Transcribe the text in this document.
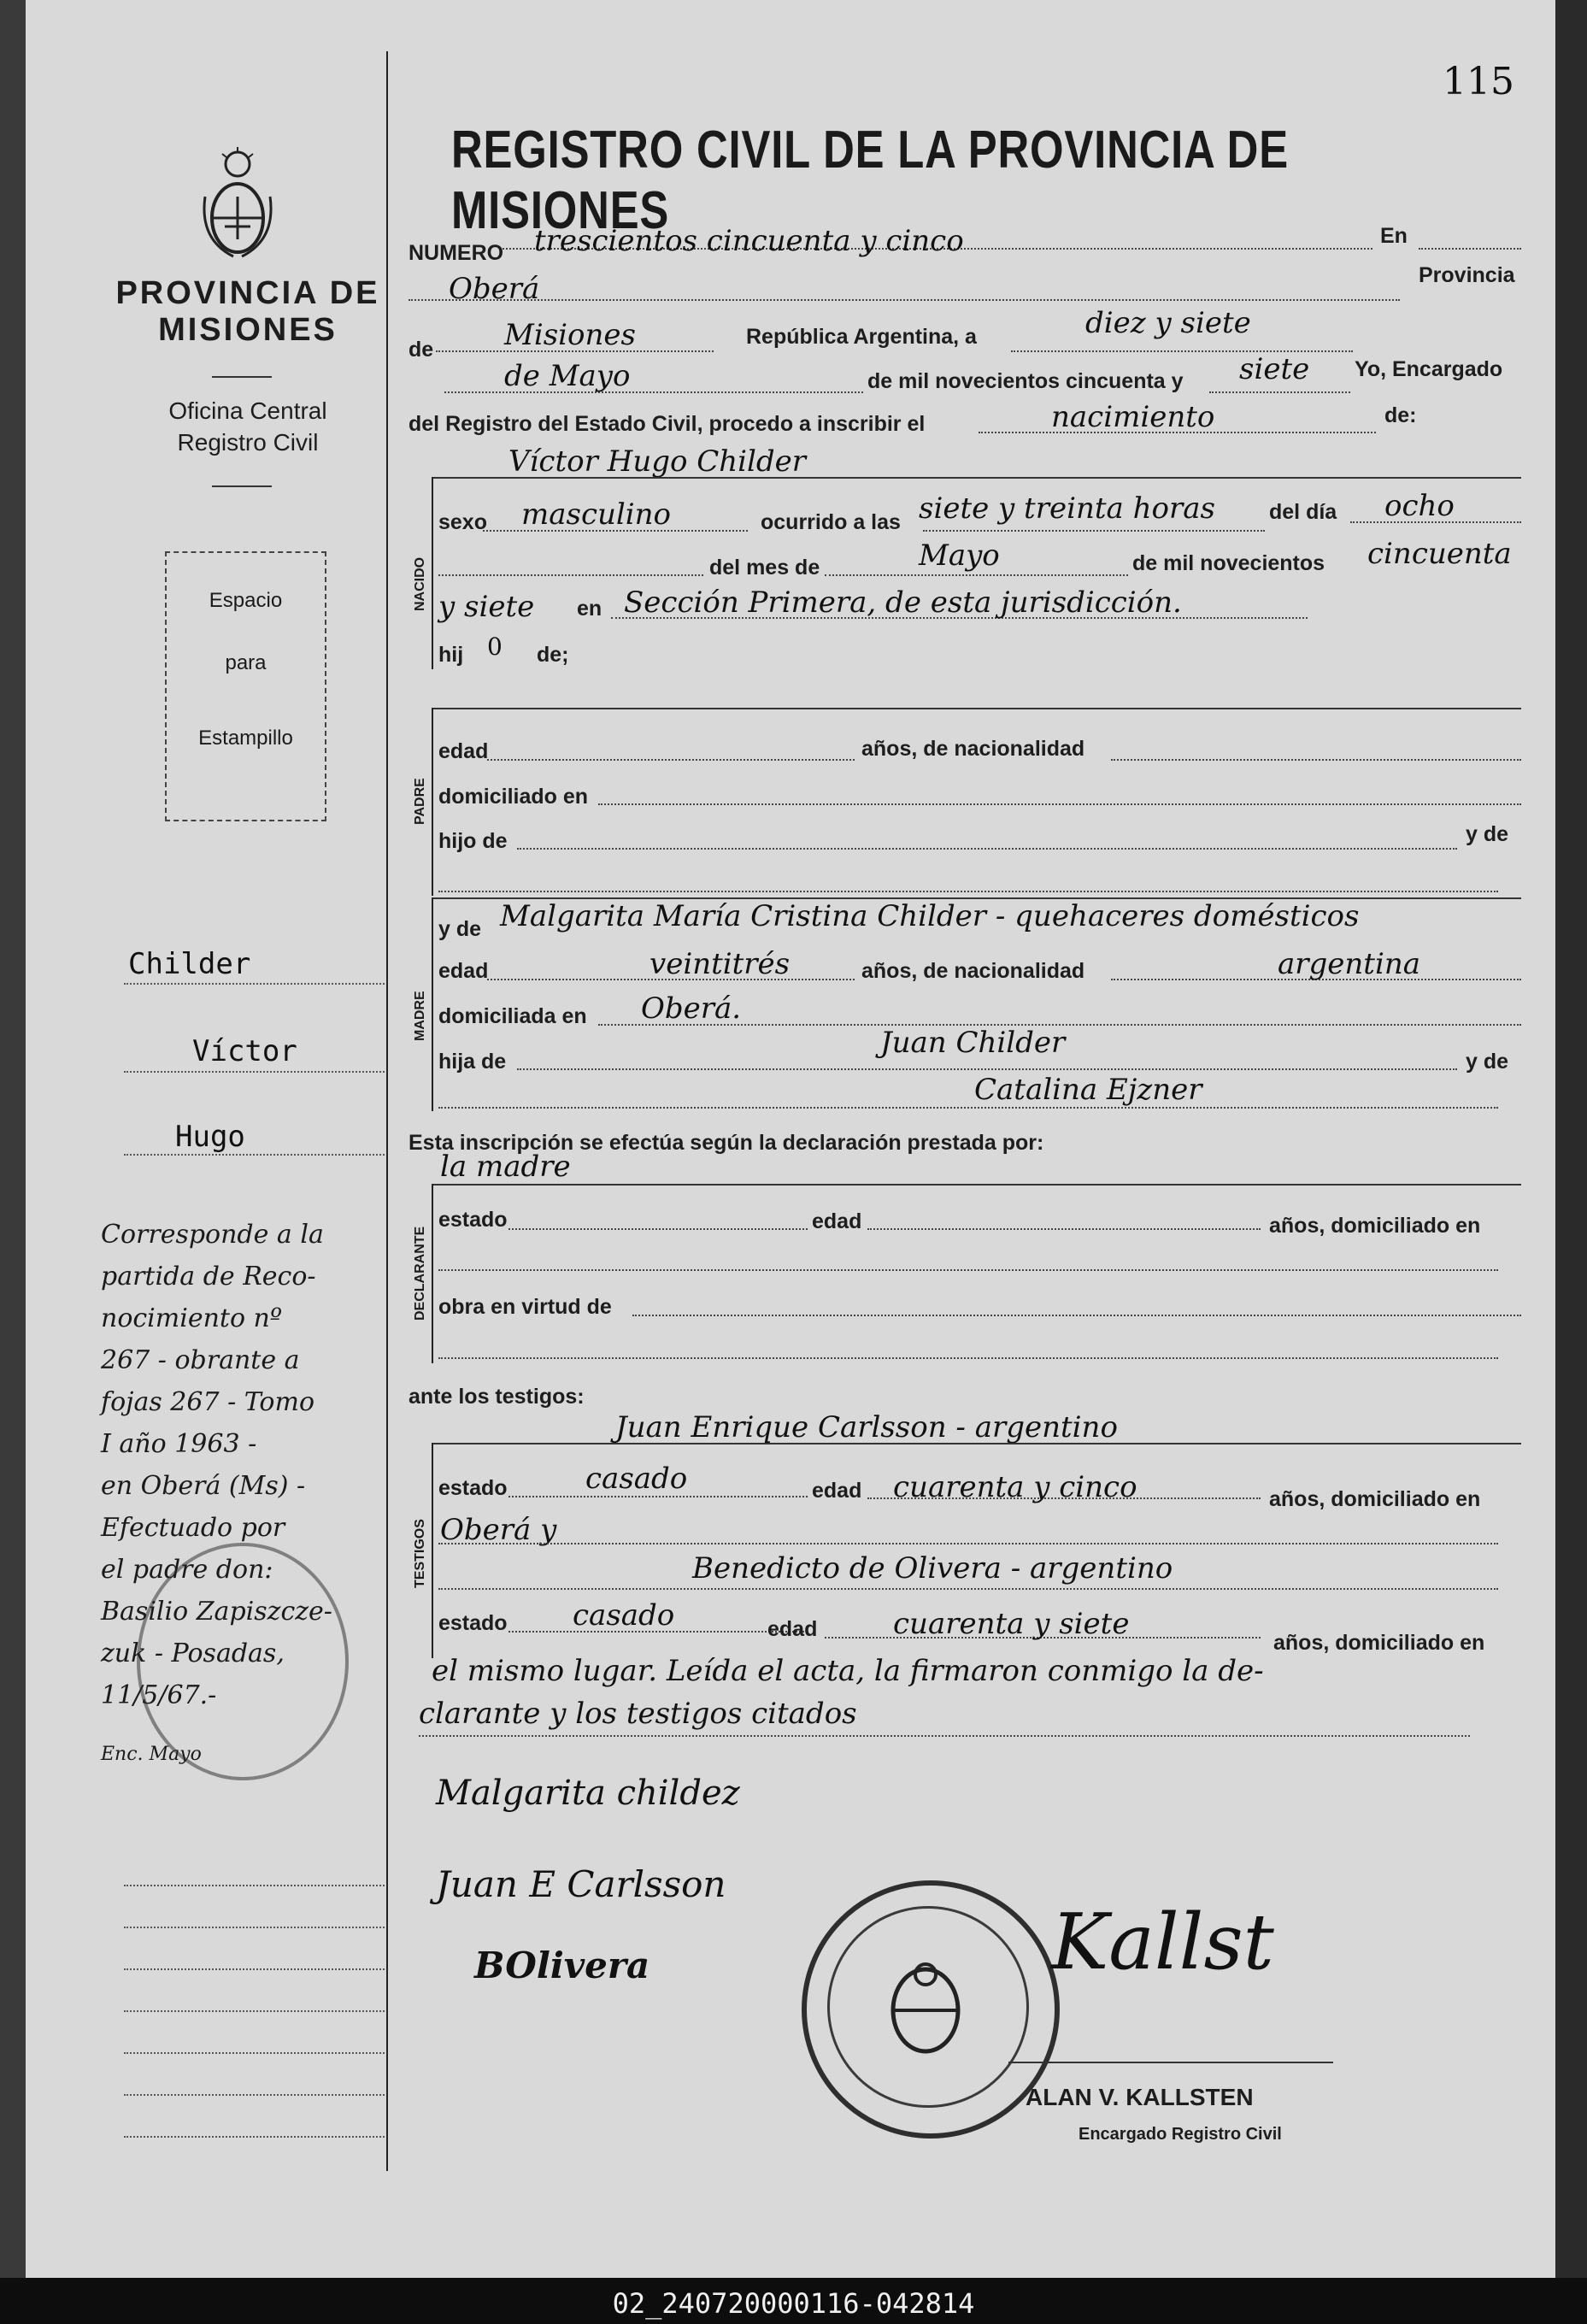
115
PROVINCIA DE
MISIONES
Oficina Central
Registro Civil
Espacio
para
Estampillo
Childer
Víctor
Hugo
Corresponde a la
partida de Reco-
nocimiento nº
267 - obrante a
fojas 267 - Tomo
I año 1963 -
en Oberá (Ms) -
Efectuado por
el padre don:
Basilio Zapiszcze-
zuk - Posadas,
11/5/67.-
Enc. Mayo
REGISTRO CIVIL DE LA PROVINCIA DE MISIONES
NUMERO trescientos cincuenta y cinco	En
Oberá	Provincia
de Misiones	República Argentina, a	diez y siete
de Mayo	de mil novecientos cincuenta y siete Yo, Encargado
del Registro del Estado Civil, procedo a inscribir el	nacimiento	de:
Víctor Hugo Childer
NACIDO
sexo masculino	ocurrido a las siete y treinta horas	del día ocho
del mes de	Mayo	de mil novecientos cincuenta
y siete en Sección Primera, de esta jurisdicción.
hij 0 de;
PADRE
edad	años, de nacionalidad
domiciliado en
hijo de	y de
MADRE
y de Malgarita María Cristina Childer - quehaceres domésticos
edad	veintitrés	años, de nacionalidad	argentina
domiciliada en Oberá.
hija de
Juan Childer
y de
Catalina Ejzner
Esta inscripción se efectúa según la declaración prestada por:
la madre
DECLARANTE
estado	edad	años, domiciliado en
obra en virtud de
ante los testigos:
Juan Enrique Carlsson - argentino
TESTIGOS
estado	casado	edad cuarenta y cinco	años, domiciliado en
Oberá y
Benedicto de Olivera - argentino
estado casado	edad	cuarenta y siete
años, domiciliado en
el mismo lugar. Leída el acta, la firmaron conmigo la de-
clarante y los testigos citados
Malgarita childez
Juan E Carlsson
BOlivera	Kallst
ALAN V. KALLSTEN
Encargado Registro Civil
02_240720000116-042814
